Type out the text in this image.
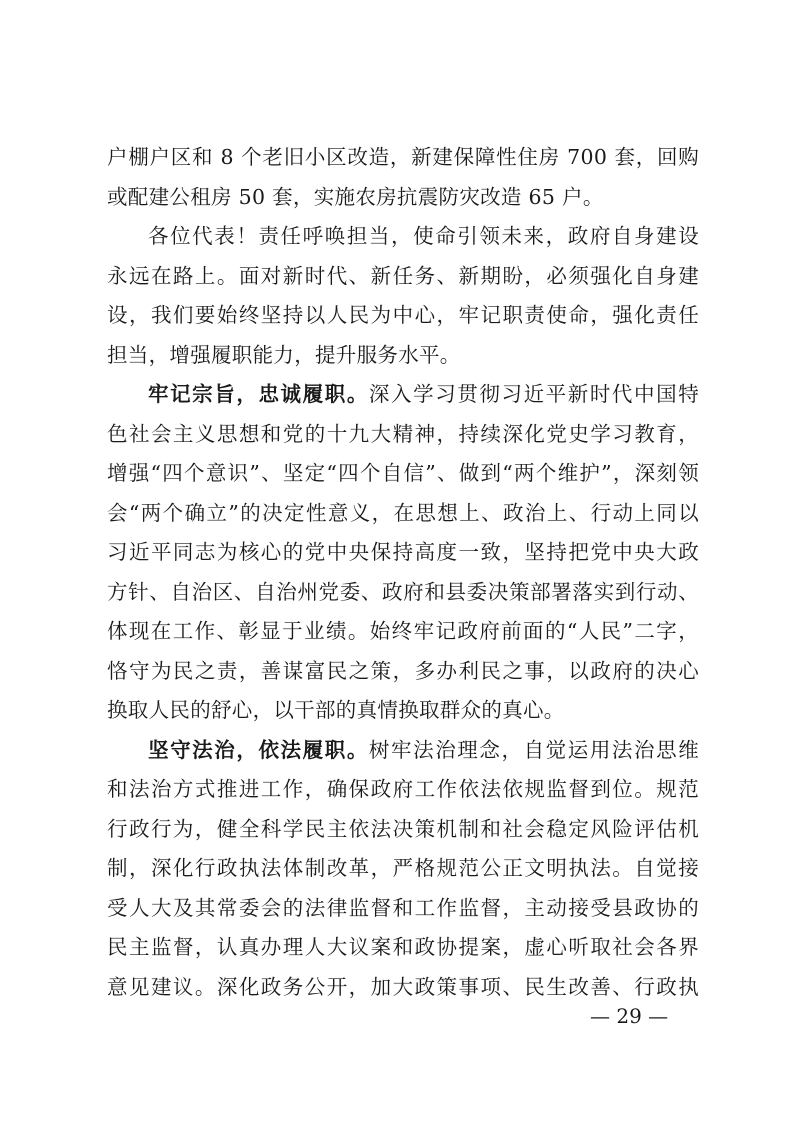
户棚户区和 8 个老旧小区改造，新建保障性住房 700 套，回购
或配建公租房 50 套，实施农房抗震防灾改造 65 户。
各位代表！责任呼唤担当，使命引领未来，政府自身建设
永远在路上。面对新时代、新任务、新期盼，必须强化自身建
设，我们要始终坚持以人民为中心，牢记职责使命，强化责任
担当，增强履职能力，提升服务水平。
牢记宗旨，忠诚履职。深入学习贯彻习近平新时代中国特
色社会主义思想和党的十九大精神，持续深化党史学习教育，
增强“四个意识”、坚定“四个自信”、做到“两个维护”，深刻领
会“两个确立”的决定性意义，在思想上、政治上、行动上同以
习近平同志为核心的党中央保持高度一致，坚持把党中央大政
方针、自治区、自治州党委、政府和县委决策部署落实到行动、
体现在工作、彰显于业绩。始终牢记政府前面的“人民”二字，
恪守为民之责，善谋富民之策，多办利民之事，以政府的决心
换取人民的舒心，以干部的真情换取群众的真心。
坚守法治，依法履职。树牢法治理念，自觉运用法治思维
和法治方式推进工作，确保政府工作依法依规监督到位。规范
行政行为，健全科学民主依法决策机制和社会稳定风险评估机
制，深化行政执法体制改革，严格规范公正文明执法。自觉接
受人大及其常委会的法律监督和工作监督，主动接受县政协的
民主监督，认真办理人大议案和政协提案，虚心听取社会各界
意见建议。深化政务公开，加大政策事项、民生改善、行政执
— 29 —
